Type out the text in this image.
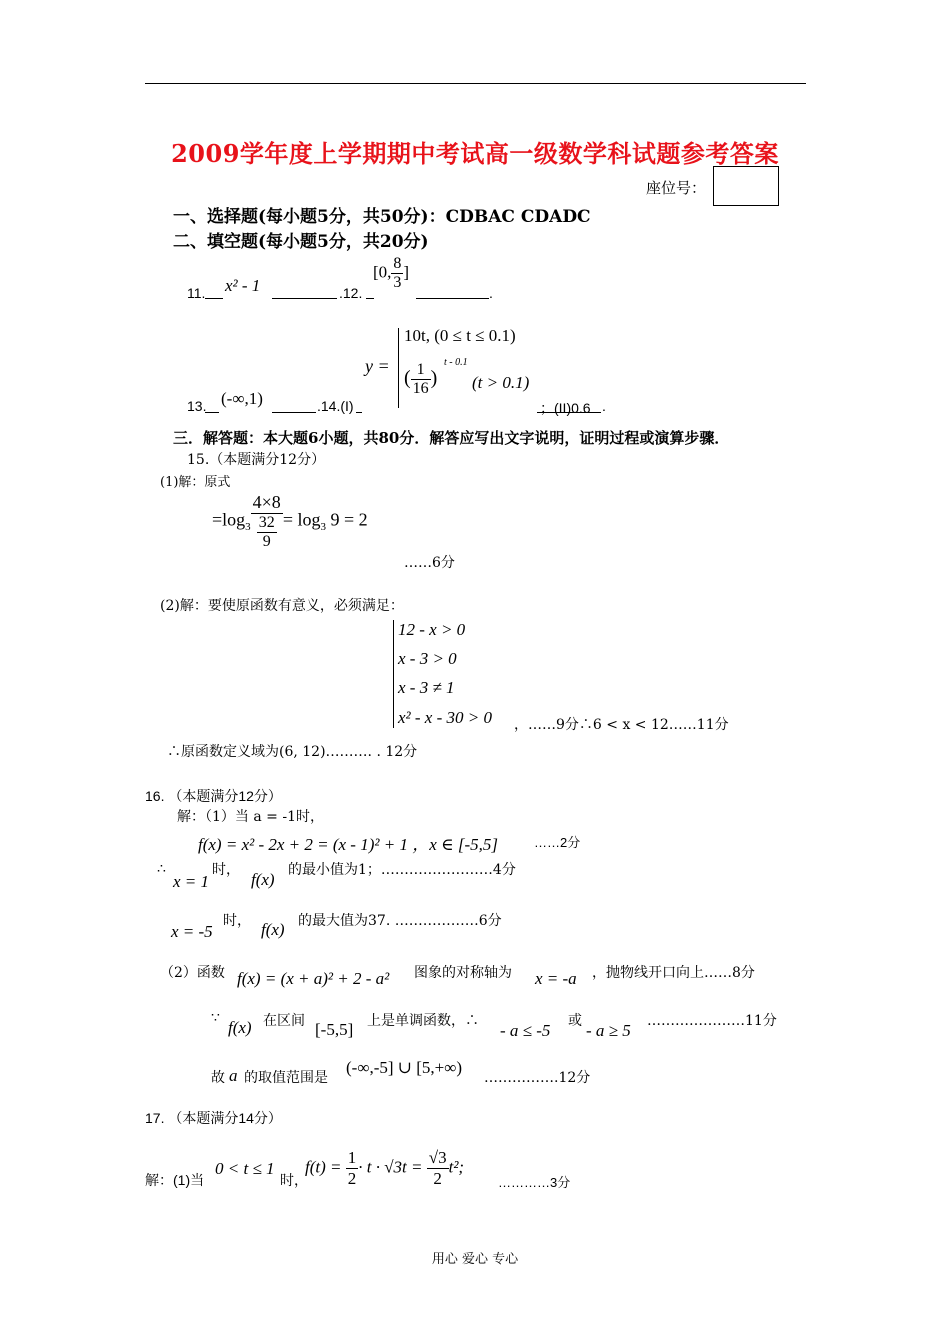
2009学年度上学期期中考试高一级数学科试题参考答案
座位号：
一、选择题(每小题5分，共50分)：CDBAC CDADC
二、填空题(每小题5分，共20分)
11. x² - 1	.12.
[0, $\frac{8}{3}$ ]
.
13. (-∞,1)	.14.(I)
y =
10t, (0 ≤ t ≤ 0.1)
( $\frac{1}{16}$ )
t - 0.1
(t > 0.1)
；(II)0.6 .
三．解答题：本大题6小题，共80分．解答应写出文字说明，证明过程或演算步骤．
15.（本题满分12分）
(1)解：原式
$=\log_3 \frac{4\times 8}{\frac{32}{9}} = \log_3 9 = 2$
……6分
(2)解：要使原函数有意义，必须满足：
12 - x > 0
x - 3 > 0
x - 3 ≠ 1
x² - x - 30 > 0 ，……9分∴6 < x < 12……11分
∴原函数定义域为(6, 12)………. . 12分
16. （本题满分12分）
解：（1）当 a = -1时，
f(x) = x² - 2x + 2 = (x - 1)² + 1 ，x ∈ [-5,5]	……2分
∴
x = 1
时， f(x) 的最小值为1；……………………4分
x = -5
时， f(x) 的最大值为37. ………………6分
（2）函数 f(x) = (x + a)² + 2 - a² 图象的对称轴为 x = -a ，抛物线开口向上……8分
∵ f(x) 在区间 [-5,5] 上是单调函数，∴ - a ≤ -5 或 - a ≥ 5 …………………11分
故 a 的取值范围是
(-∞,-5] ∪ [5,+∞)
…………….12分
17. （本题满分14分）
解：(1)当
0 < t ≤ 1
时，
$f(t) = \frac{1}{2} \cdot t \cdot √3t = \frac{√3}{2} t^2$;
…………3分
用心 爱心 专心
